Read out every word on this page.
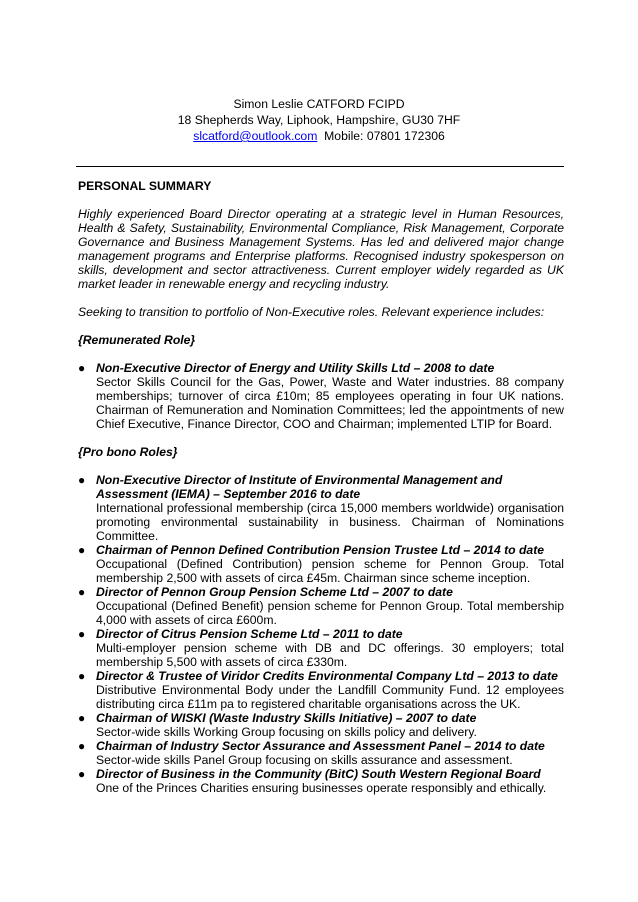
Simon Leslie CATFORD FCIPD
18 Shepherds Way, Liphook, Hampshire, GU30 7HF
slcatford@outlook.com Mobile: 07801 172306

PERSONAL SUMMARY

Highly experienced Board Director operating at a strategic level in Human Resources, Health & Safety, Sustainability, Environmental Compliance, Risk Management, Corporate Governance and Business Management Systems. Has led and delivered major change management programs and Enterprise platforms. Recognised industry spokesperson on skills, development and sector attractiveness. Current employer widely regarded as UK market leader in renewable energy and recycling industry.

Seeking to transition to portfolio of Non-Executive roles. Relevant experience includes:

{Remunerated Role}

● Non-Executive Director of Energy and Utility Skills Ltd – 2008 to date
Sector Skills Council for the Gas, Power, Waste and Water industries. 88 company memberships; turnover of circa £10m; 85 employees operating in four UK nations. Chairman of Remuneration and Nomination Committees; led the appointments of new Chief Executive, Finance Director, COO and Chairman; implemented LTIP for Board.

{Pro bono Roles}

● Non-Executive Director of Institute of Environmental Management and Assessment (IEMA) – September 2016 to date
International professional membership (circa 15,000 members worldwide) organisation promoting environmental sustainability in business. Chairman of Nominations Committee.
● Chairman of Pennon Defined Contribution Pension Trustee Ltd – 2014 to date
Occupational (Defined Contribution) pension scheme for Pennon Group. Total membership 2,500 with assets of circa £45m. Chairman since scheme inception.
● Director of Pennon Group Pension Scheme Ltd – 2007 to date
Occupational (Defined Benefit) pension scheme for Pennon Group. Total membership 4,000 with assets of circa £600m.
● Director of Citrus Pension Scheme Ltd – 2011 to date
Multi-employer pension scheme with DB and DC offerings. 30 employers; total membership 5,500 with assets of circa £330m.
● Director & Trustee of Viridor Credits Environmental Company Ltd – 2013 to date
Distributive Environmental Body under the Landfill Community Fund. 12 employees distributing circa £11m pa to registered charitable organisations across the UK.
● Chairman of WISKI (Waste Industry Skills Initiative) – 2007 to date
Sector-wide skills Working Group focusing on skills policy and delivery.
● Chairman of Industry Sector Assurance and Assessment Panel – 2014 to date
Sector-wide skills Panel Group focusing on skills assurance and assessment.
● Director of Business in the Community (BitC) South Western Regional Board
One of the Princes Charities ensuring businesses operate responsibly and ethically.
